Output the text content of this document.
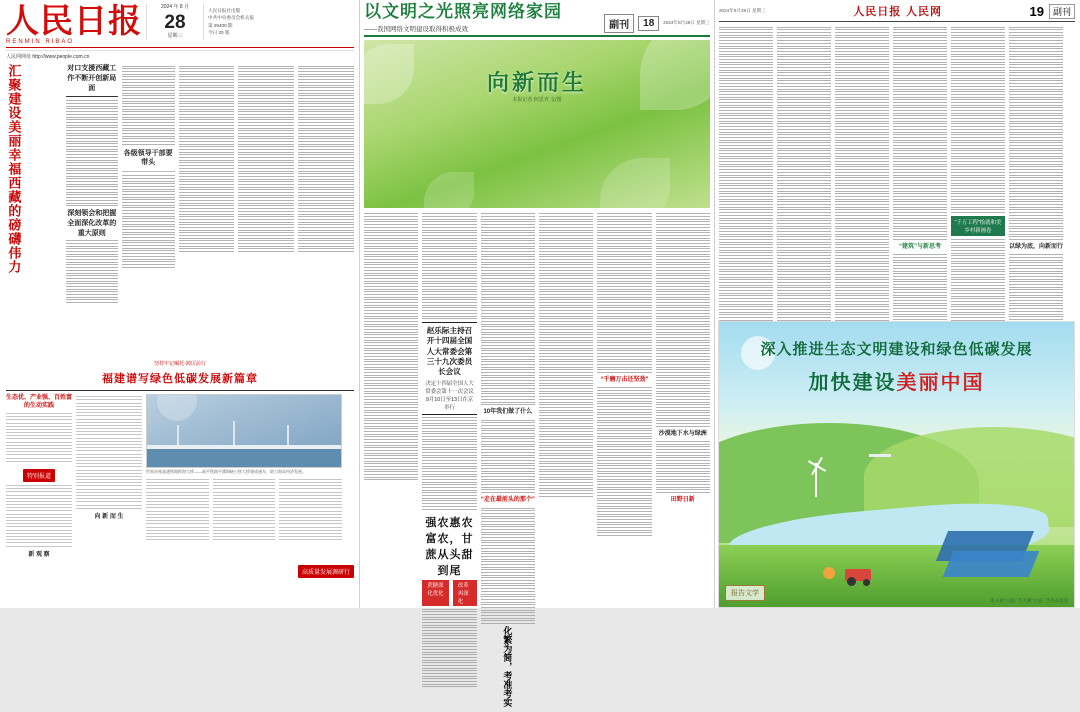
人民日报
RENMIN RIBAO
2024 年 8 月
28
星期三
人民日报社出版
中共中央委员会机关报
第 29400 期
今日 20 版
人民网网址 http://www.people.com.cn
汇聚建设美丽幸福西藏的磅礴伟力	对口支援西藏工作不断开创新局面
深刻领会和把握全面深化改革的重大原则
各级领导干部要带头
坚持牢记嘱托·踔厉前行
福建谱写绿色低碳发展新篇章
生态优、产业强、百姓富的生动实践
特别报道
新 观 察
向 新 而 生
世界首座高速铁路跨海大桥——福平铁路平潭海峡公铁大桥建成通车，助力海岛经济发展。
高质量发展调研行
以文明之光照亮网络家园
——我国网络文明建设取得积极成效	副刊	18	2024年8月28日 星期三
向新而生
本报记者 何思齐 文/图
赵乐际主持召开十四届全国人大常委会第三十九次委员长会议
决定十四届全国人大常委会第十一次会议9月10日至13日在京举行
强农惠农富农，甘蔗从头甜到尾
蔗糖深化优化
改革再深化
10年我们做了什么
“走在最前头的那个”
化繁为简，考准考实
“千磨万击还坚劲”
沙漠地下水与绿洲
田野日新
2024年8月28日 星期三	人民日报 人民网	19	副刊
“建筑”与新思考
“千万工程”绘就和美乡村新画卷
以绿为底，向新而行
深入推进生态文明建设和绿色低碳发展
加快建设美丽中国
第 4 届“公益广告大赛”公益广告作品选登
报告文学
